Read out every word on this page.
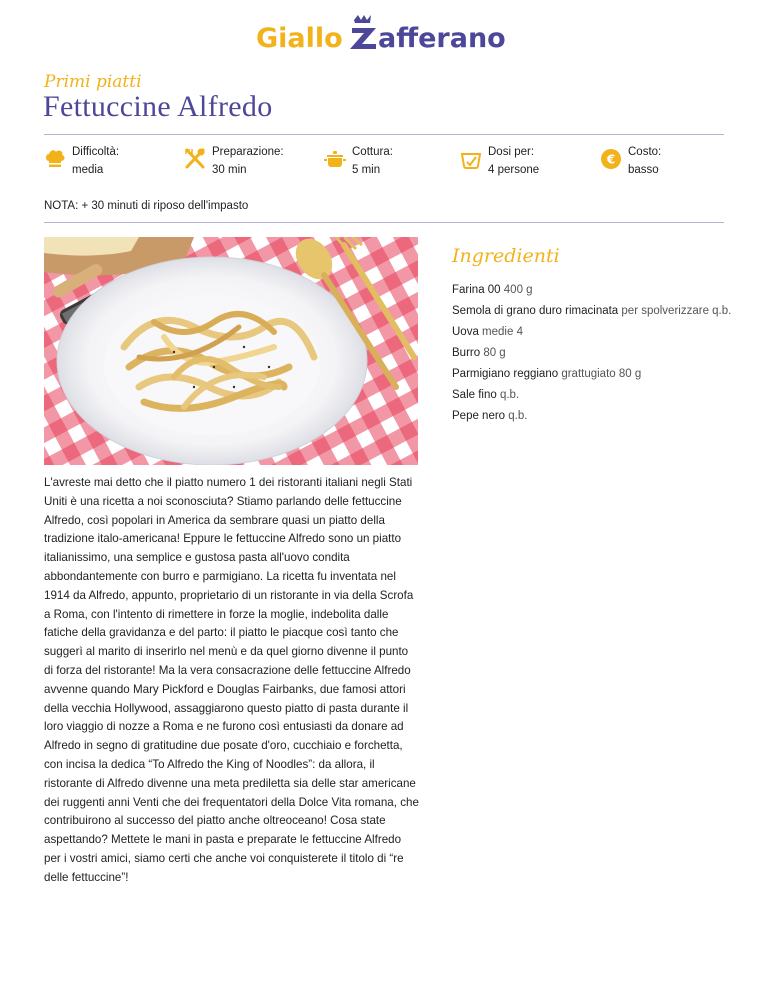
Giallo afferano
Primi piatti
Fettuccine Alfredo
Difficoltà:
media
Preparazione:
30 min
Cottura:
5 min
Dosi per:
4 persone
€
Costo:
basso
NOTA: + 30 minuti di riposo dell'impasto
Ingredienti
Farina 00 400 g
Semola di grano duro rimacinata per spolverizzare q.b.
Uova medie 4
Burro 80 g
Parmigiano reggiano grattugiato 80 g
Sale fino q.b.
Pepe nero q.b.

L'avreste mai detto che il piatto numero 1 dei ristoranti italiani negli Stati Uniti è una ricetta a noi sconosciuta? Stiamo parlando delle fettuccine Alfredo, così popolari in America da sembrare quasi un piatto della tradizione italo-americana! Eppure le fettuccine Alfredo sono un piatto italianissimo, una semplice e gustosa pasta all'uovo condita abbondantemente con burro e parmigiano. La ricetta fu inventata nel 1914 da Alfredo, appunto, proprietario di un ristorante in via della Scrofa a Roma, con l'intento di rimettere in forze la moglie, indebolita dalle fatiche della gravidanza e del parto: il piatto le piacque così tanto che suggerì al marito di inserirlo nel menù e da quel giorno divenne il punto di forza del ristorante! Ma la vera consacrazione delle fettuccine Alfredo avvenne quando Mary Pickford e Douglas Fairbanks, due famosi attori della vecchia Hollywood, assaggiarono questo piatto di pasta durante il loro viaggio di nozze a Roma e ne furono così entusiasti da donare ad Alfredo in segno di gratitudine due posate d'oro, cucchiaio e forchetta, con incisa la dedica “To Alfredo the King of Noodles”: da allora, il ristorante di Alfredo divenne una meta prediletta sia delle star americane dei ruggenti anni Venti che dei frequentatori della Dolce Vita romana, che contribuirono al successo del piatto anche oltreoceano! Cosa state aspettando? Mettete le mani in pasta e preparate le fettuccine Alfredo per i vostri amici, siamo certi che anche voi conquisterete il titolo di “re delle fettuccine”!
